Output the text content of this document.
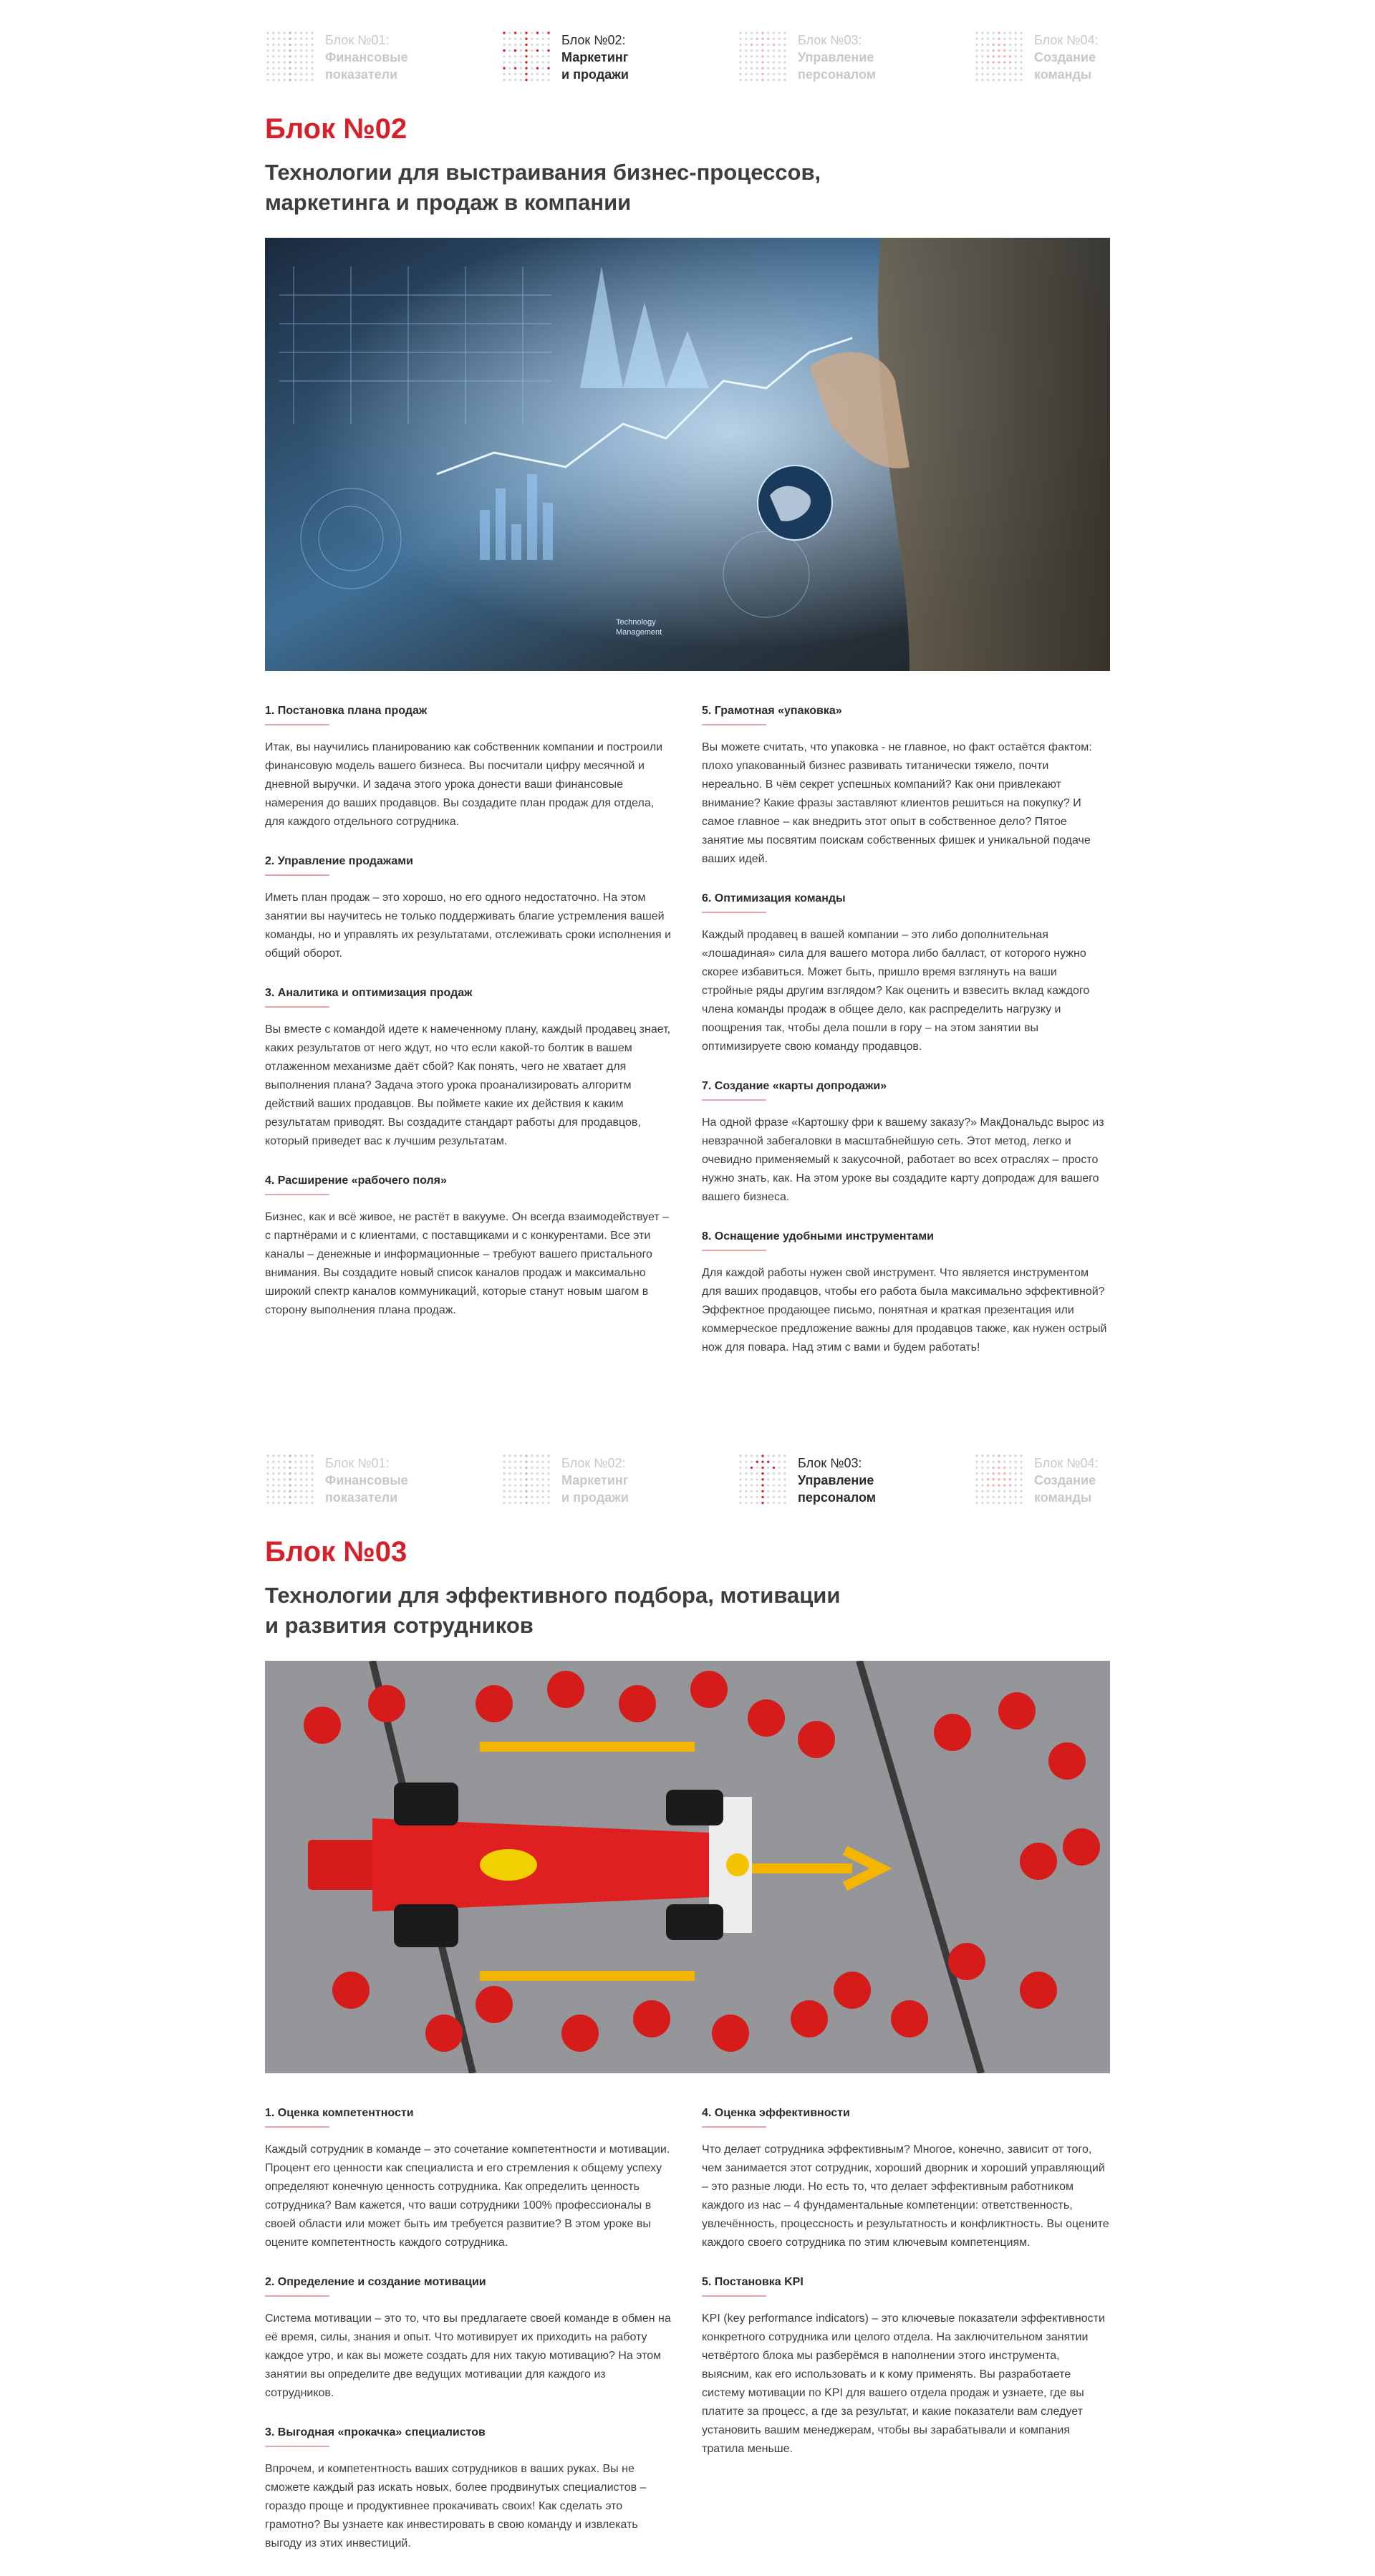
Блок №01:
Финансовые
показатели
Блок №02:
Маркетинг
и продажи
Блок №03:
Управление
персоналом
Блок №04:
Создание
команды
Блок №02
Технологии для выстраивания бизнес-процессов,
маркетинга и продаж в компании
Technology
Management
1. Постановка плана продаж

Итак, вы научились планированию как собственник компании и построили финансовую модель вашего бизнеса. Вы посчитали цифру месячной и дневной выручки. И задача этого урока донести ваши финансовые намерения до ваших продавцов. Вы создадите план продаж для отдела, для каждого отдельного сотрудника.

2. Управление продажами

Иметь план продаж – это хорошо, но его одного недостаточно. На этом занятии вы научитесь не только поддерживать благие устремления вашей команды, но и управлять их результатами, отслеживать сроки исполнения и общий оборот.

3. Аналитика и оптимизация продаж

Вы вместе с командой идете к намеченному плану, каждый продавец знает, каких результатов от него ждут, но что если какой-то болтик в вашем отлаженном механизме даёт сбой? Как понять, чего не хватает для выполнения плана? Задача этого урока проанализировать алгоритм действий ваших продавцов. Вы поймете какие их действия к каким результатам приводят. Вы создадите стандарт работы для продавцов, который приведет вас к лучшим результатам.

4. Расширение «рабочего поля»

Бизнес, как и всё живое, не растёт в вакууме. Он всегда взаимодействует – с партнёрами и с клиентами, с поставщиками и с конкурентами. Все эти каналы – денежные и информационные – требуют вашего пристального внимания. Вы создадите новый список каналов продаж и максимально широкий спектр каналов коммуникаций, которые станут новым шагом в сторону выполнения плана продаж.

5. Грамотная «упаковка»

Вы можете считать, что упаковка - не главное, но факт остаётся фактом: плохо упакованный бизнес развивать титанически тяжело, почти нереально. В чём секрет успешных компаний? Как они привлекают внимание? Какие фразы заставляют клиентов решиться на покупку? И самое главное – как внедрить этот опыт в собственное дело? Пятое занятие мы посвятим поискам собственных фишек и уникальной подаче ваших идей.

6. Оптимизация команды

Каждый продавец в вашей компании – это либо дополнительная «лошадиная» сила для вашего мотора либо балласт, от которого нужно скорее избавиться. Может быть, пришло время взглянуть на ваши стройные ряды другим взглядом? Как оценить и взвесить вклад каждого члена команды продаж в общее дело, как распределить нагрузку и поощрения так, чтобы дела пошли в гору – на этом занятии вы оптимизируете свою команду продавцов.

7. Создание «карты допродажи»

На одной фразе «Картошку фри к вашему заказу?» МакДональдс вырос из невзрачной забегаловки в масштабнейшую сеть. Этот метод, легко и очевидно применяемый к закусочной, работает во всех отраслях – просто нужно знать, как. На этом уроке вы создадите карту допродаж для вашего вашего бизнеса.

8. Оснащение удобными инструментами

Для каждой работы нужен свой инструмент. Что является инструментом для ваших продавцов, чтобы его работа была максимально эффективной? Эффектное продающее письмо, понятная и краткая презентация или коммерческое предложение важны для продавцов также, как нужен острый нож для повара. Над этим с вами и будем работать!

Блок №01:
Финансовые
показатели
Блок №02:
Маркетинг
и продажи
Блок №03:
Управление
персоналом
Блок №04:
Создание
команды
Блок №03
Технологии для эффективного подбора, мотивации
и развития сотрудников
1. Оценка компетентности

Каждый сотрудник в команде – это сочетание компетентности и мотивации. Процент его ценности как специалиста и его стремления к общему успеху определяют конечную ценность сотрудника. Как определить ценность сотрудника? Вам кажется, что ваши сотрудники 100% профессионалы в своей области или может быть им требуется развитие? В этом уроке вы оцените компетентность каждого сотрудника.

2. Определение и создание мотивации

Система мотивации – это то, что вы предлагаете своей команде в обмен на её время, силы, знания и опыт. Что мотивирует их приходить на работу каждое утро, и как вы можете создать для них такую мотивацию? На этом занятии вы определите две ведущих мотивации для каждого из сотрудников.

3. Выгодная «прокачка» специалистов

Впрочем, и компетентность ваших сотрудников в ваших руках. Вы не сможете каждый раз искать новых, более продвинутых специалистов – гораздо проще и продуктивнее прокачивать своих! Как сделать это грамотно? Вы узнаете как инвестировать в свою команду и извлекать выгоду из этих инвестиций.

4. Оценка эффективности

Что делает сотрудника эффективным? Многое, конечно, зависит от того, чем занимается этот сотрудник, хороший дворник и хороший управляющий – это разные люди. Но есть то, что делает эффективным работником каждого из нас – 4 фундаментальные компетенции: ответственность, увлечённость, процессность и результатность и конфликтность. Вы оцените каждого своего сотрудника по этим ключевым компетенциям.

5. Постановка KPI

KPI (key performance indicators) – это ключевые показатели эффективности конкретного сотрудника или целого отдела. На заключительном занятии четвёртого блока мы разберёмся в наполнении этого инструмента, выясним, как его использовать и к кому применять. Вы разработаете систему мотивации по KPI для вашего отдела продаж и узнаете, где вы платите за процесс, а где за результат, и какие показатели вам следует установить вашим менеджерам, чтобы вы зарабатывали и компания тратила меньше.
